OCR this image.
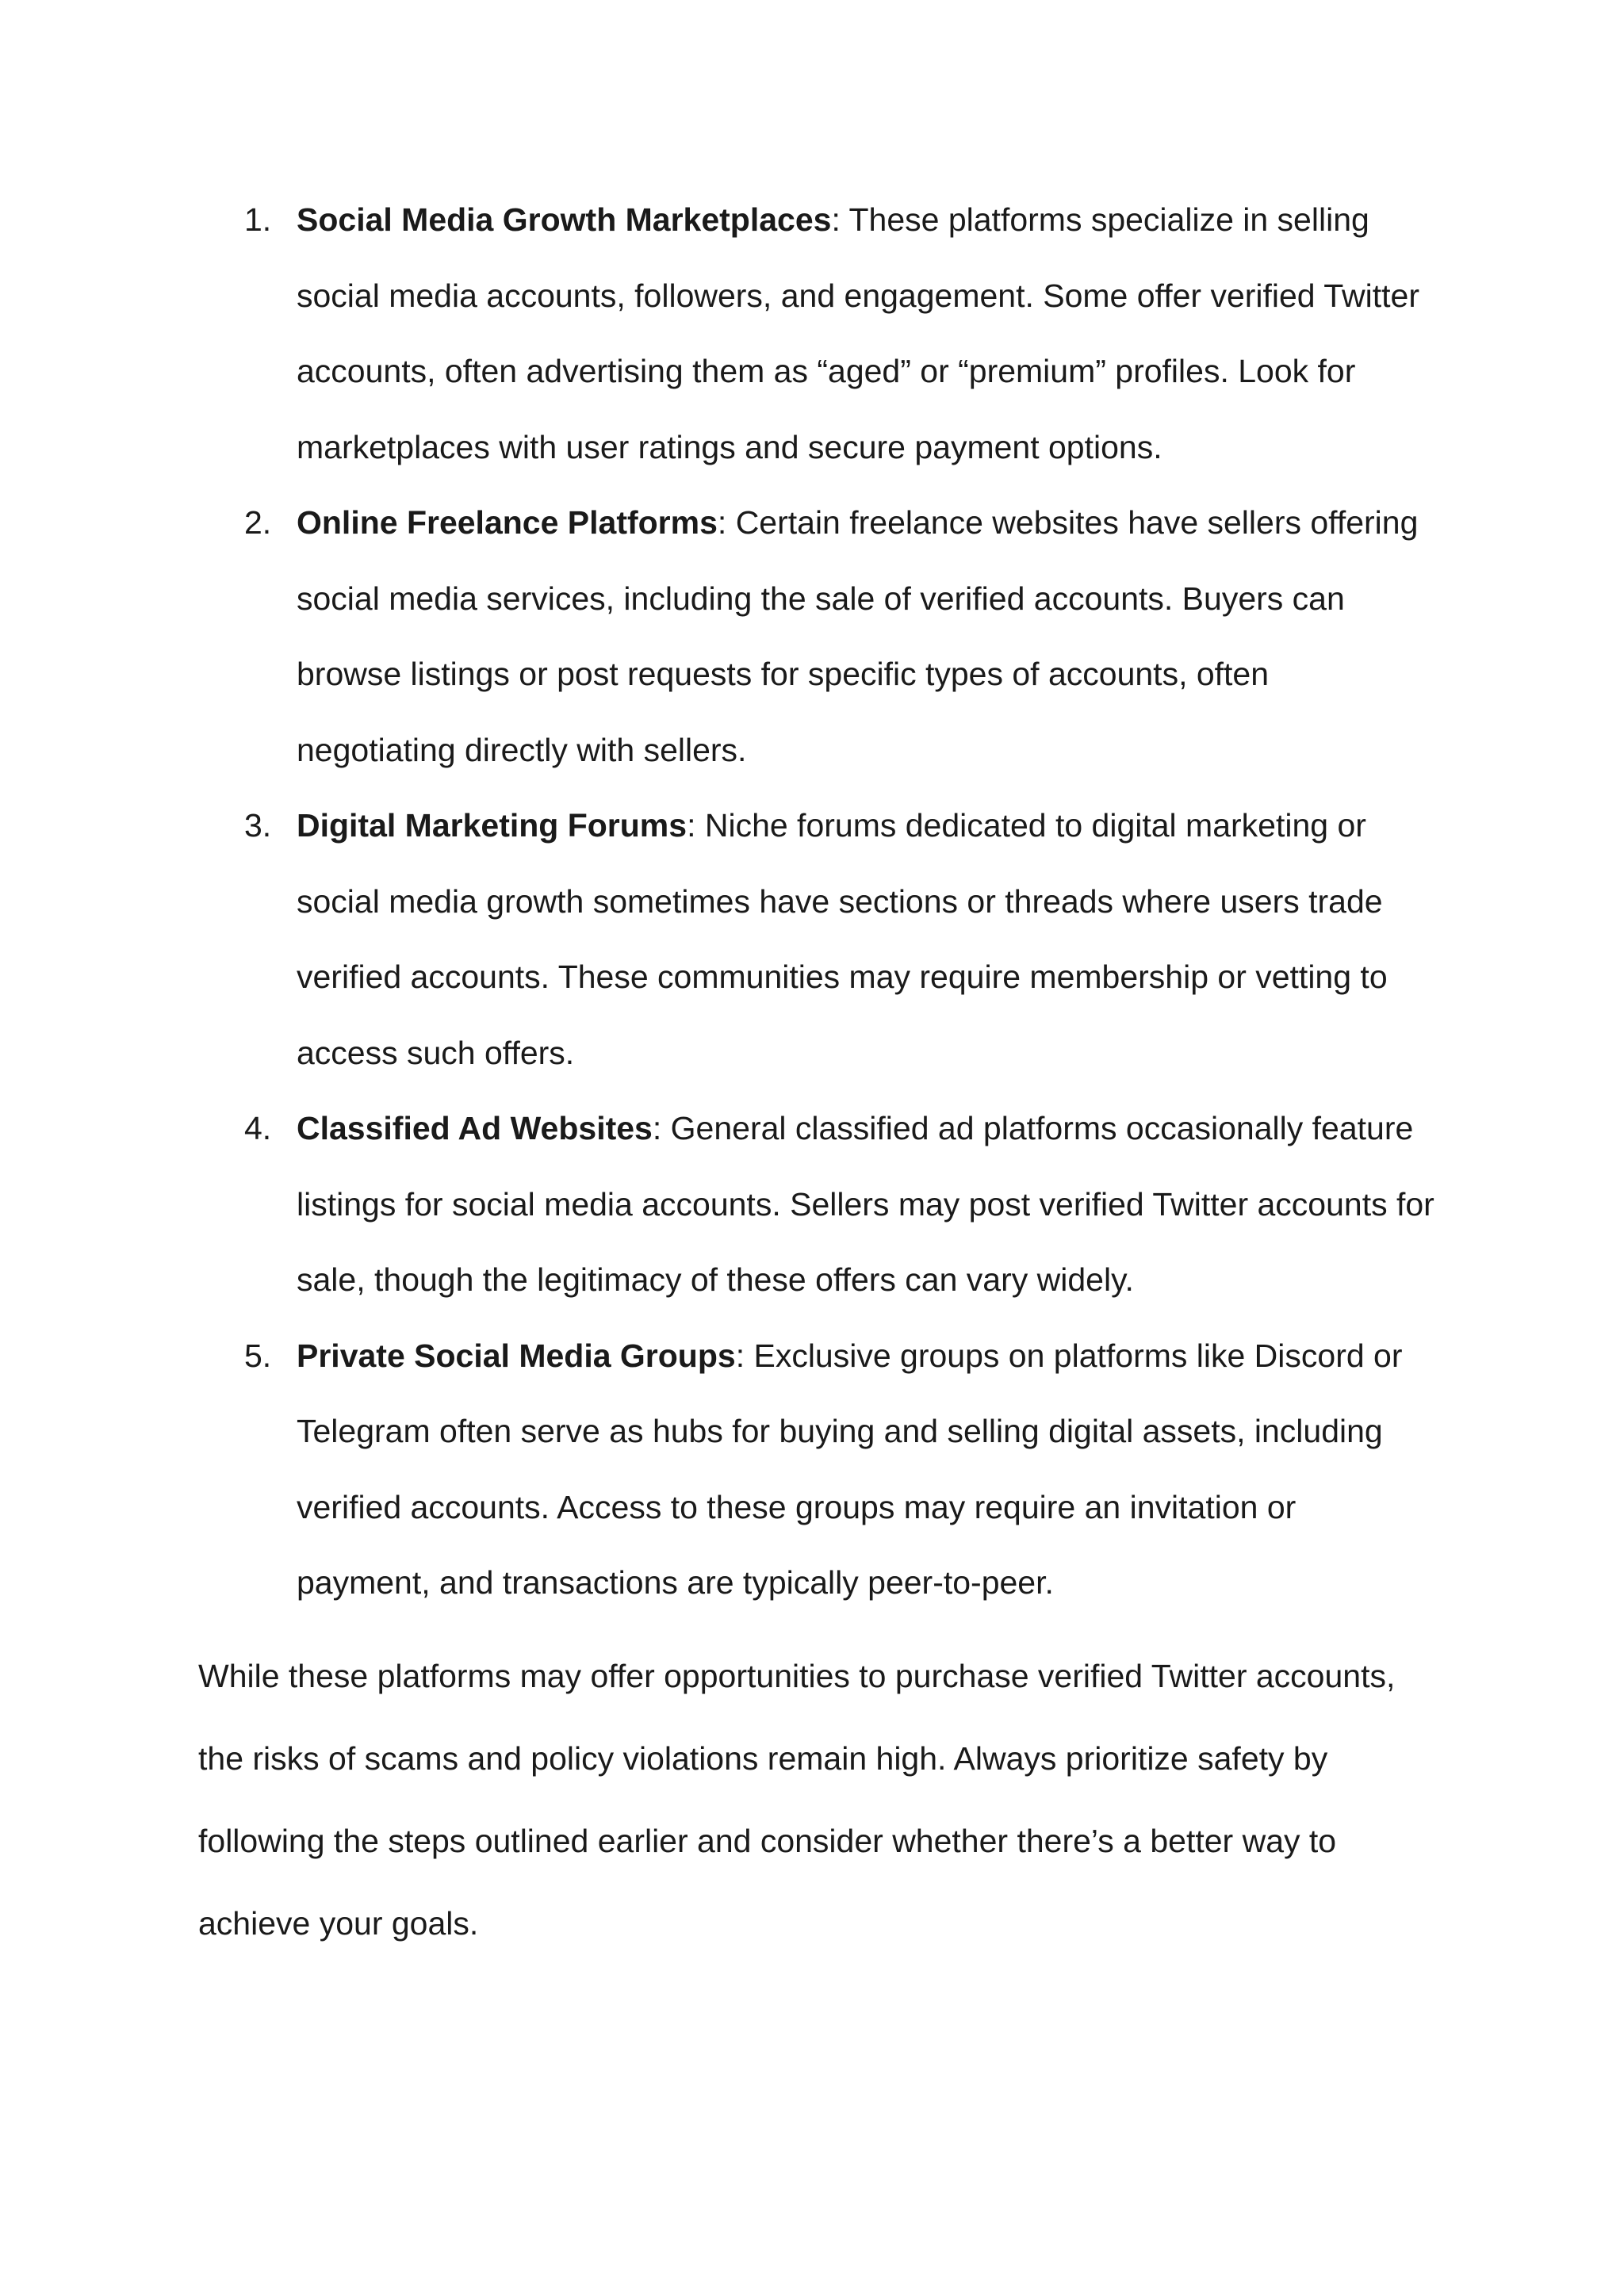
1. Social Media Growth Marketplaces: These platforms specialize in selling social media accounts, followers, and engagement. Some offer verified Twitter accounts, often advertising them as “aged” or “premium” profiles. Look for marketplaces with user ratings and secure payment options.
2. Online Freelance Platforms: Certain freelance websites have sellers offering social media services, including the sale of verified accounts. Buyers can browse listings or post requests for specific types of accounts, often negotiating directly with sellers.
3. Digital Marketing Forums: Niche forums dedicated to digital marketing or social media growth sometimes have sections or threads where users trade verified accounts. These communities may require membership or vetting to access such offers.
4. Classified Ad Websites: General classified ad platforms occasionally feature listings for social media accounts. Sellers may post verified Twitter accounts for sale, though the legitimacy of these offers can vary widely.
5. Private Social Media Groups: Exclusive groups on platforms like Discord or Telegram often serve as hubs for buying and selling digital assets, including verified accounts. Access to these groups may require an invitation or payment, and transactions are typically peer-to-peer.

While these platforms may offer opportunities to purchase verified Twitter accounts, the risks of scams and policy violations remain high. Always prioritize safety by following the steps outlined earlier and consider whether there’s a better way to achieve your goals.
